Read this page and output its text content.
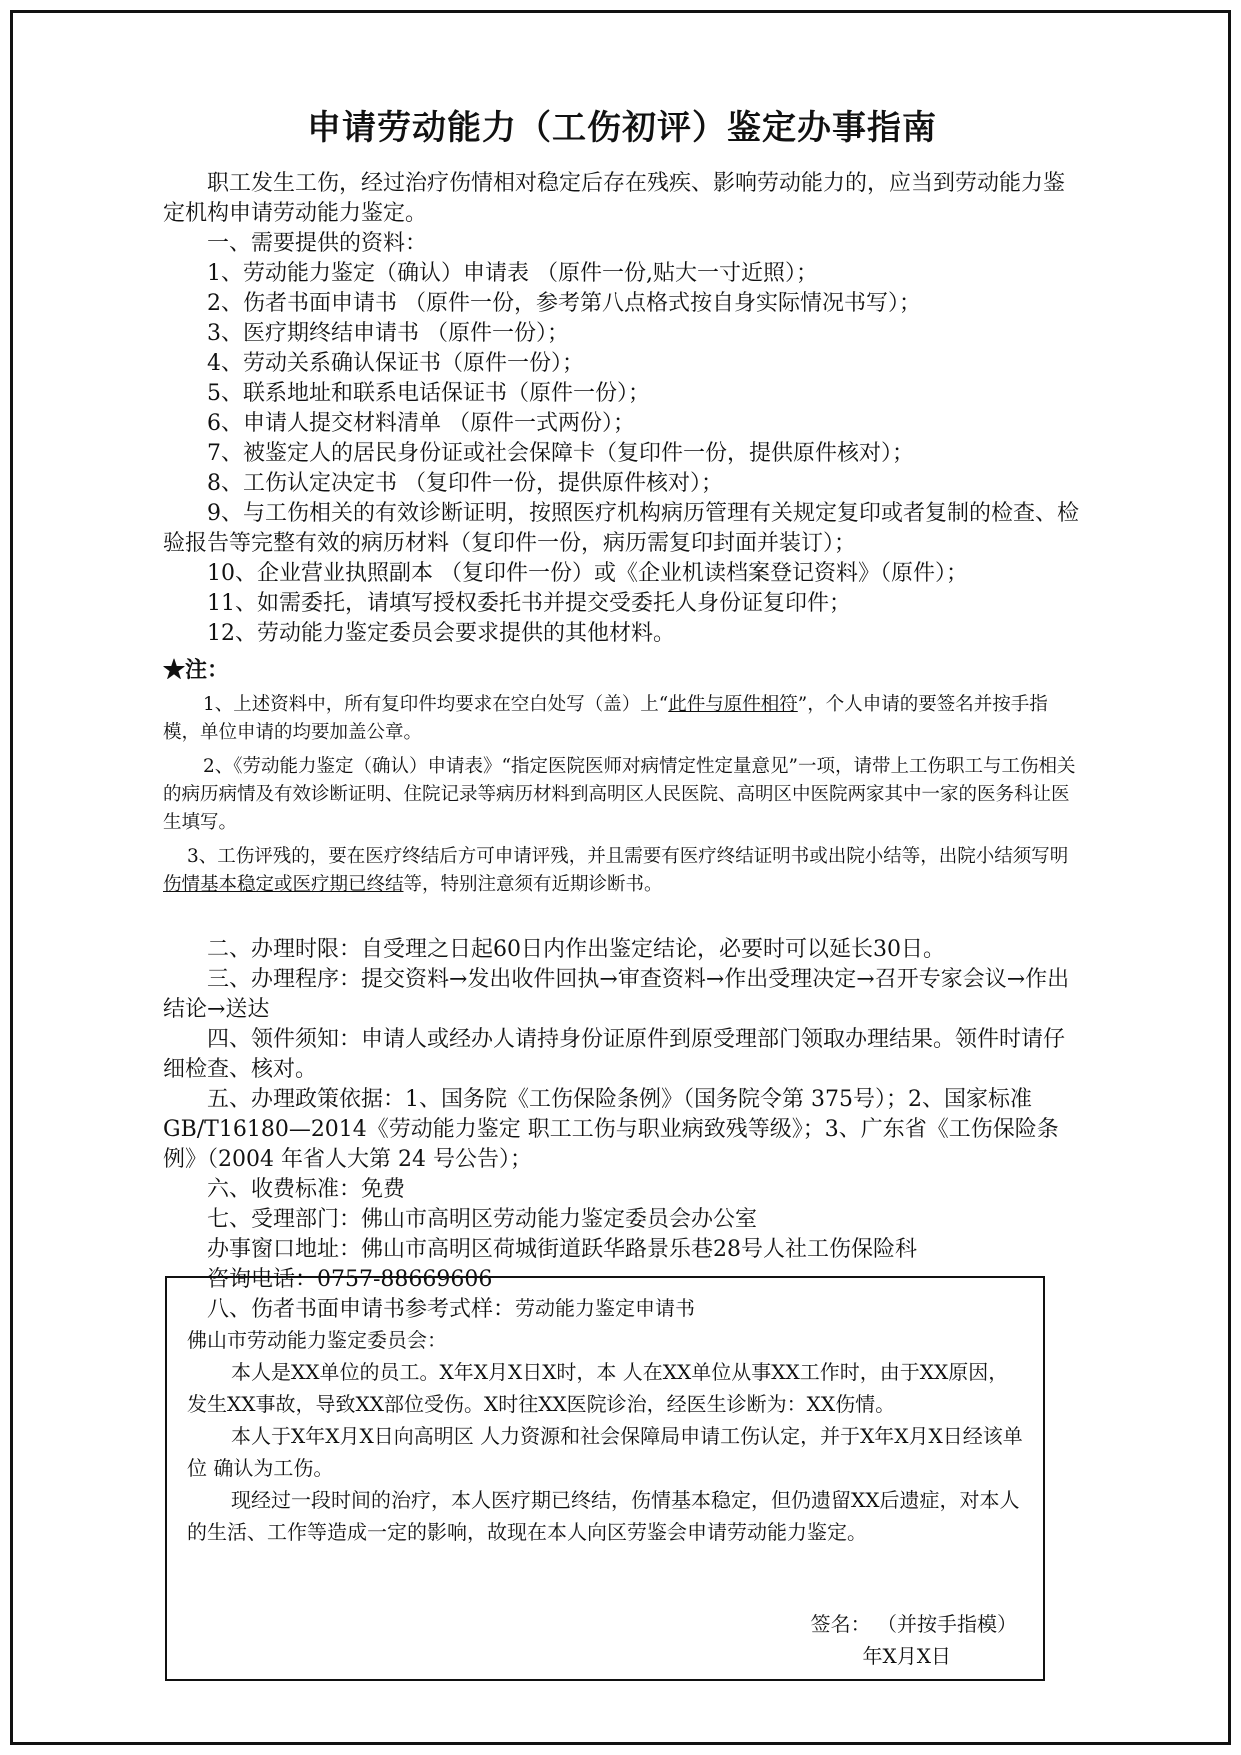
申请劳动能力（工伤初评）鉴定办事指南

职工发生工伤，经过治疗伤情相对稳定后存在残疾、影响劳动能力的，应当到劳动能力鉴定机构申请劳动能力鉴定。

一、需要提供的资料：

1、劳动能力鉴定（确认）申请表 （原件一份,贴大一寸近照）；

2、伤者书面申请书 （原件一份，参考第八点格式按自身实际情况书写）；

3、医疗期终结申请书 （原件一份）；

4、劳动关系确认保证书（原件一份）；

5、联系地址和联系电话保证书（原件一份）；

6、申请人提交材料清单 （原件一式两份）；

7、被鉴定人的居民身份证或社会保障卡（复印件一份，提供原件核对）；

8、工伤认定决定书 （复印件一份，提供原件核对）；

9、与工伤相关的有效诊断证明，按照医疗机构病历管理有关规定复印或者复制的检查、检验报告等完整有效的病历材料（复印件一份，病历需复印封面并装订）；

10、企业营业执照副本 （复印件一份）或《企业机读档案登记资料》（原件）；

11、如需委托，请填写授权委托书并提交受委托人身份证复印件；

12、劳动能力鉴定委员会要求提供的其他材料。

★注：

1、上述资料中，所有复印件均要求在空白处写（盖）上“此件与原件相符”，个人申请的要签名并按手指模，单位申请的均要加盖公章。

2、《劳动能力鉴定（确认）申请表》“指定医院医师对病情定性定量意见”一项，请带上工伤职工与工伤相关的病历病情及有效诊断证明、住院记录等病历材料到高明区人民医院、高明区中医院两家其中一家的医务科让医生填写。

3、工伤评残的，要在医疗终结后方可申请评残，并且需要有医疗终结证明书或出院小结等，出院小结须写明伤情基本稳定或医疗期已终结等，特别注意须有近期诊断书。

二、办理时限：自受理之日起60日内作出鉴定结论，必要时可以延长30日。

三、办理程序：提交资料→发出收件回执→审查资料→作出受理决定→召开专家会议→作出结论→送达

四、领件须知：申请人或经办人请持身份证原件到原受理部门领取办理结果。领件时请仔细检查、核对。

五、办理政策依据：1、国务院《工伤保险条例》（国务院令第 375号）；2、国家标准 GB/T16180—2014《劳动能力鉴定 职工工伤与职业病致残等级》；3、广东省《工伤保险条例》（2004 年省人大第 24 号公告）；

六、收费标准：免费

七、受理部门：佛山市高明区劳动能力鉴定委员会办公室

办事窗口地址：佛山市高明区荷城街道跃华路景乐巷28号人社工伤保险科

咨询电话：0757-88669606

八、伤者书面申请书参考式样： 劳动能力鉴定申请书

佛山市劳动能力鉴定委员会：

本人是XX单位的员工。X年X月X日X时，本 人在XX单位从事XX工作时，由于XX原因，发生XX事故，导致XX部位受伤。X时往XX医院诊治，经医生诊断为：XX伤情。

本人于X年X月X日向高明区 人力资源和社会保障局申请工伤认定，并于X年X月X日经该单位 确认为工伤。

现经过一段时间的治疗，本人医疗期已终结，伤情基本稳定，但仍遗留XX后遗症，对本人的生活、工作等造成一定的影响，故现在本人向区劳鉴会申请劳动能力鉴定。

签名： （并按手指模）
年X月X日
